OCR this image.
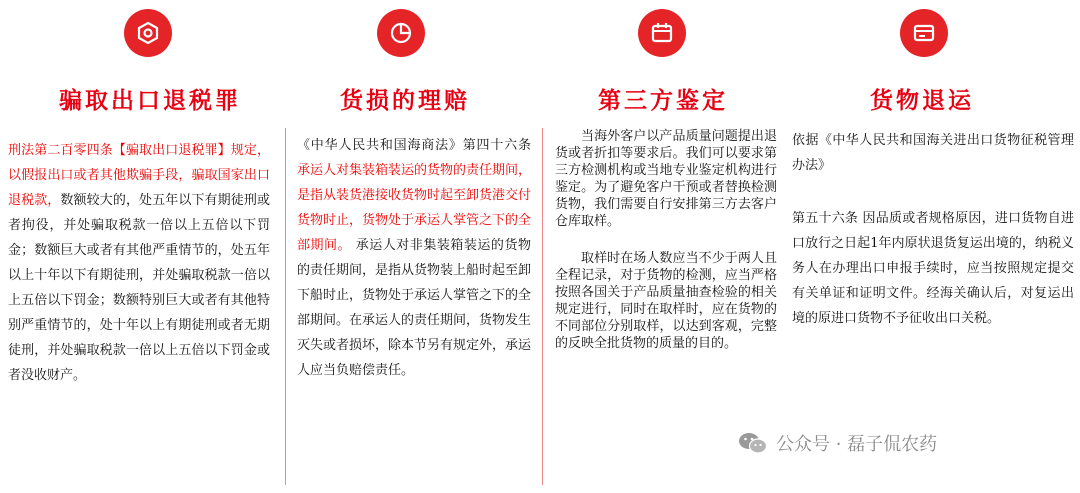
骗取出口退税罪
刑法第二百零四条【骗取出口退税罪】规定，以假报出口或者其他欺骗手段，骗取国家出口退税款，数额较大的，处五年以下有期徒刑或者拘役，并处骗取税款一倍以上五倍以下罚金；数额巨大或者有其他严重情节的，处五年以上十年以下有期徒刑，并处骗取税款一倍以上五倍以下罚金；数额特别巨大或者有其他特别严重情节的，处十年以上有期徒刑或者无期徒刑，并处骗取税款一倍以上五倍以下罚金或者没收财产。
货损的理赔
《中华人民共和国海商法》第四十六条 承运人对集装箱装运的货物的责任期间，是指从装货港接收货物时起至卸货港交付货物时止，货物处于承运人掌管之下的全部期间。 承运人对非集装箱装运的货物的责任期间，是指从货物装上船时起至卸下船时止，货物处于承运人掌管之下的全部期间。在承运人的责任期间，货物发生灭失或者损坏，除本节另有规定外，承运人应当负赔偿责任。
第三方鉴定

当海外客户以产品质量问题提出退货或者折扣等要求后。我们可以要求第三方检测机构或当地专业鉴定机构进行鉴定。为了避免客户干预或者替换检测货物，我们需要自行安排第三方去客户仓库取样。

取样时在场人数应当不少于两人且全程记录，对于货物的检测，应当严格按照各国关于产品质量抽查检验的相关规定进行，同时在取样时，应在货物的不同部位分别取样，以达到客观，完整的反映全批货物的质量的目的。

货物退运

依据《中华人民共和国海关进出口货物征税管理办法》

第五十六条 因品质或者规格原因，进口货物自进口放行之日起1年内原状退货复运出境的，纳税义务人在办理出口申报手续时，应当按照规定提交有关单证和证明文件。经海关确认后，对复运出境的原进口货物不予征收出口关税。

公众号 · 磊子侃农药
